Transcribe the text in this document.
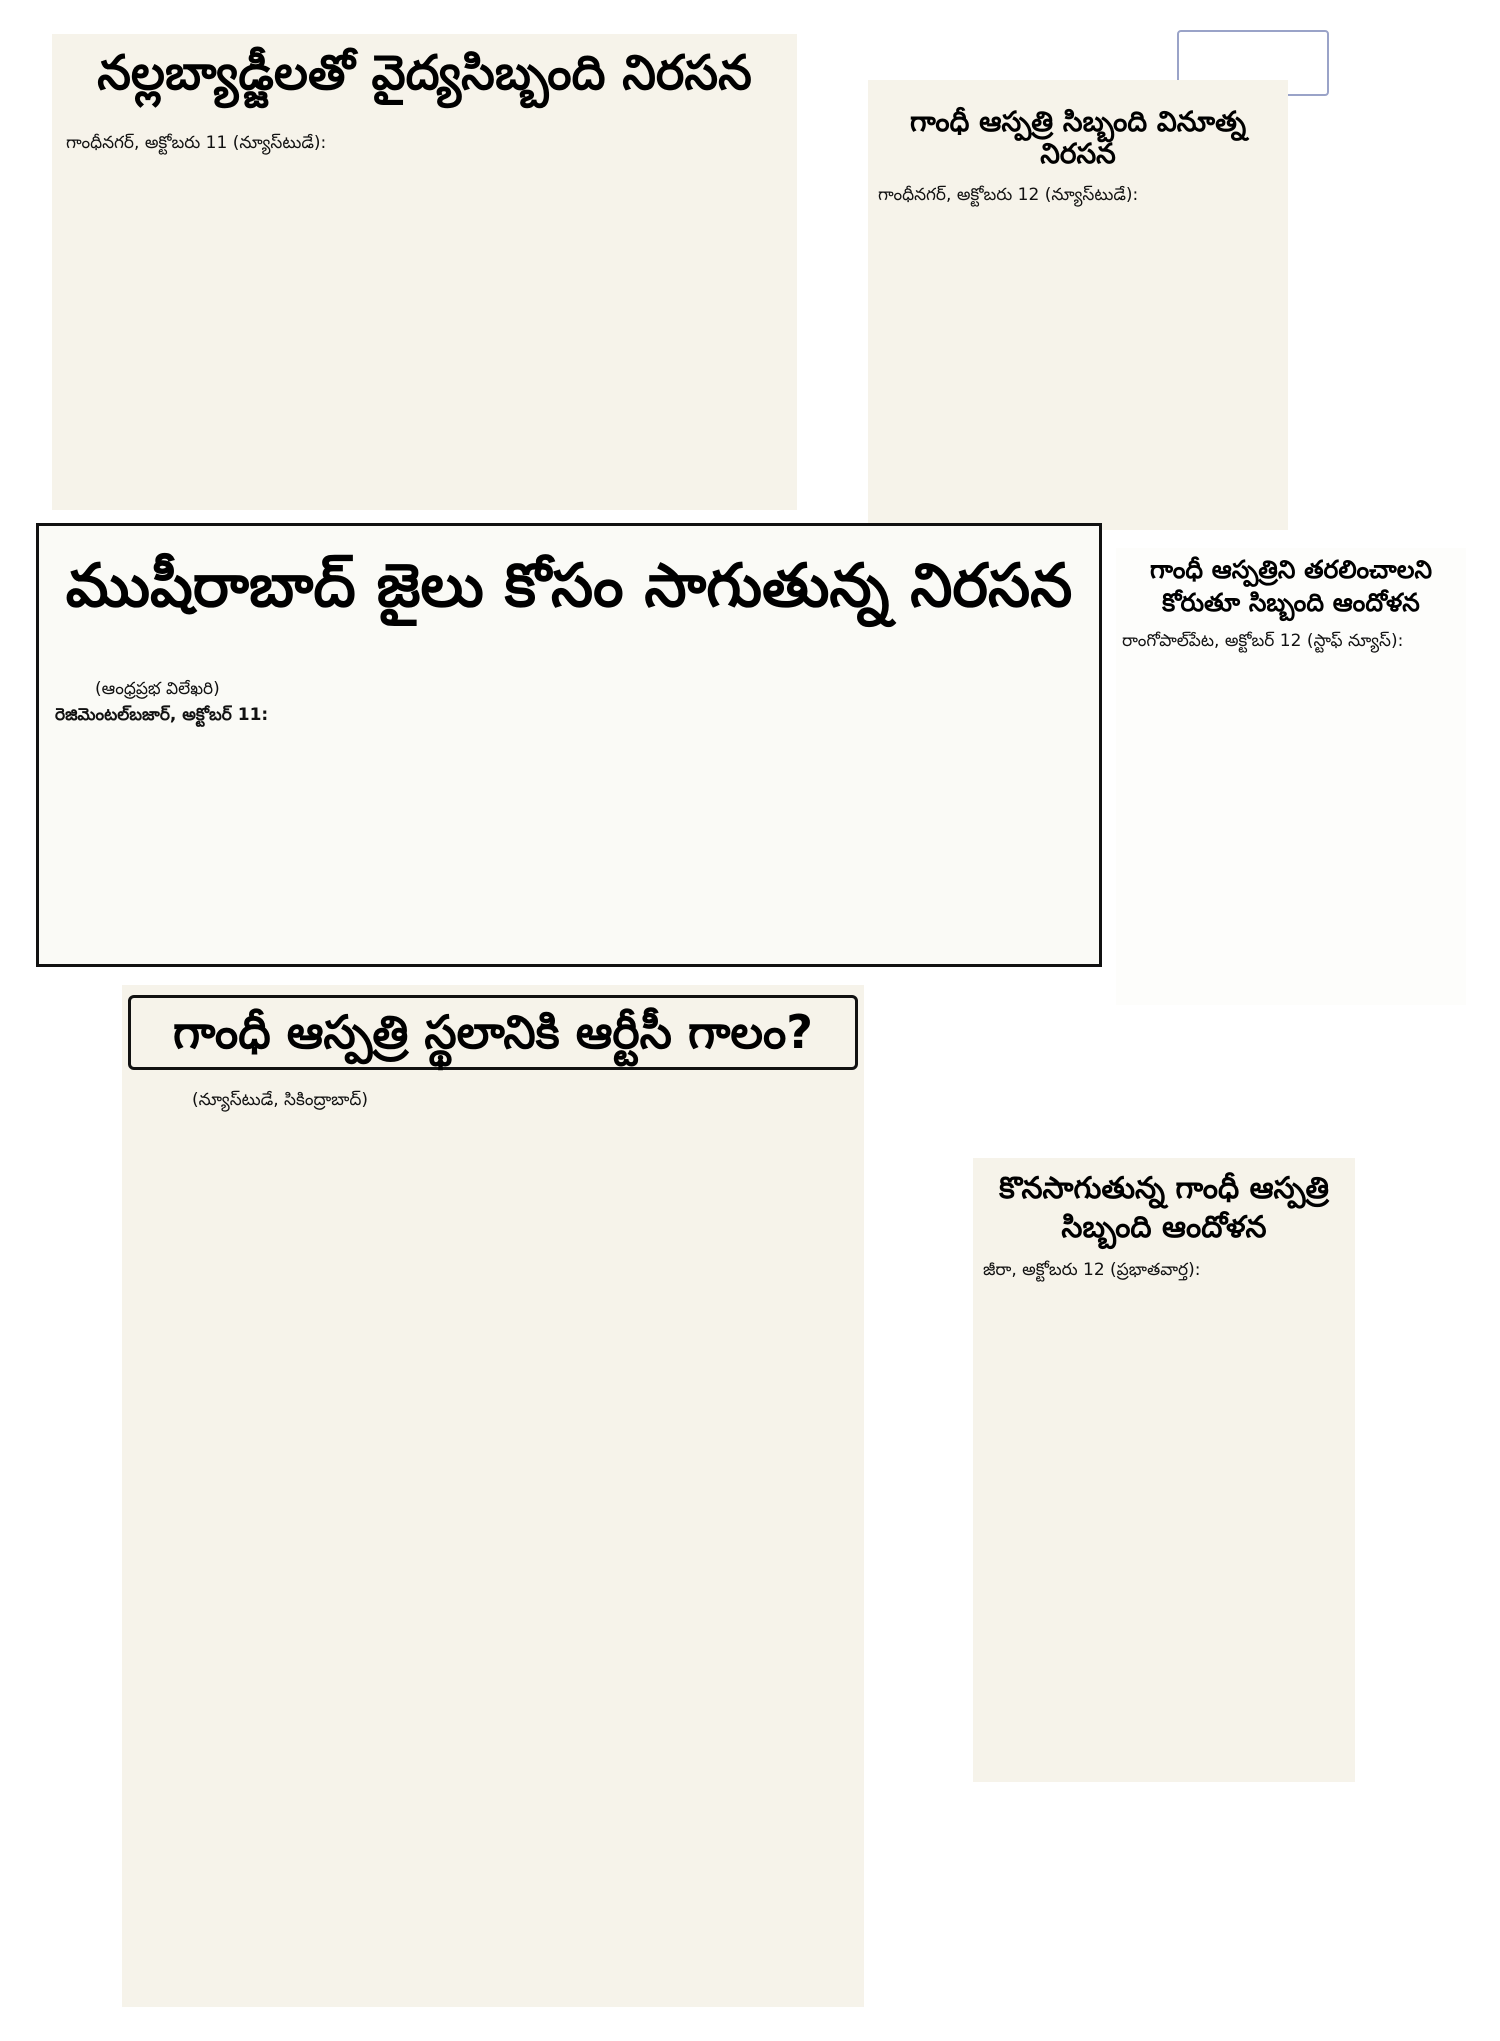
నల్లబ్యాడ్జీలతో వైద్యసిబ్బంది నిరసన
గాంధీనగర్, అక్టోబరు 11 (న్యూస్‌టుడే):
గాంధీ ఆస్పత్రి సిబ్బంది వినూత్న నిరసన
గాంధీనగర్, అక్టోబరు 12 (న్యూస్‌టుడే):
ముషీరాబాద్ జైలు కోసం సాగుతున్న నిరసన
(ఆంధ్రప్రభ విలేఖరి)
రెజిమెంటల్‌బజార్, అక్టోబర్ 11:
గాంధీ ఆస్పత్రిని తరలించాలని
కోరుతూ సిబ్బంది ఆందోళన
రాంగోపాల్‌పేట, అక్టోబర్ 12 (స్టాఫ్ న్యూస్):
గాంధీ ఆస్పత్రి స్థలానికి ఆర్టీసీ గాలం?
(న్యూస్‌టుడే, సికింద్రాబాద్)
కొనసాగుతున్న గాంధీ ఆస్పత్రి
సిబ్బంది ఆందోళన
జీరా, అక్టోబరు 12 (ప్రభాతవార్త):
